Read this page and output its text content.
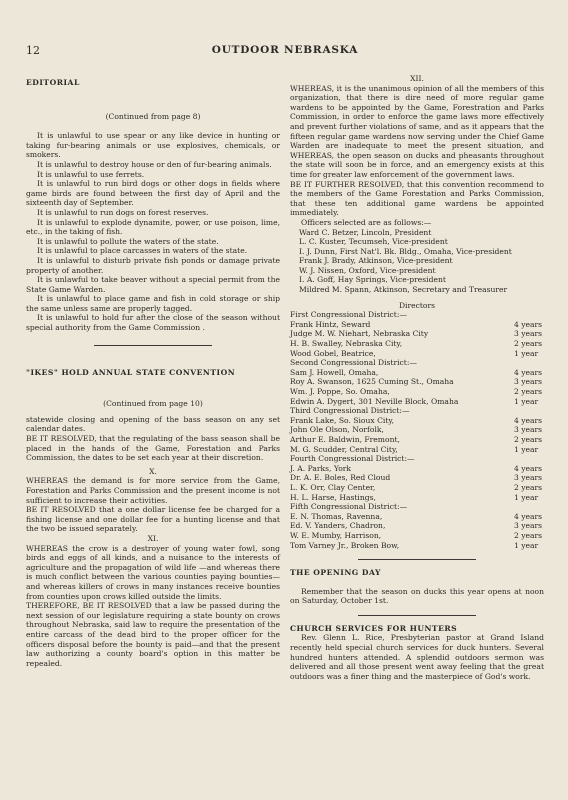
12	OUTDOOR NEBRASKA

EDITORIAL

(Continued from page 8)

It is unlawful to use spear or any like device in hunting or taking fur-bearing animals or use explosives, chemicals, or smokers.

It is unlawful to destroy house or den of fur-bearing animals.

It is unlawful to use ferrets.

It is unlawful to run bird dogs or other dogs in fields where game birds are found between the first day of April and the sixteenth day of September.

It is unlawful to run dogs on forest reserves.

It is unlawful to explode dynamite, power, or use poison, lime, etc., in the taking of fish.

It is unlawful to pollute the waters of the state.

It is unlawful to place carcasses in waters of the state.

It is unlawful to disturb private fish ponds or damage private property of another.

It is unlawful to take beaver without a special permit from the State Game Warden.

It is unlawful to place game and fish in cold storage or ship the same unless same are properly tagged.

It is unlawful to hold fur after the close of the season without special authority from the Game Commission .

"IKES" HOLD ANNUAL STATE CONVENTION

(Continued from page 10)

statewide closing and opening of the bass season on any set calendar dates.

BE IT RESOLVED, that the regulating of the bass season shall be placed in the hands of the Game, Forestation and Parks Commission, the dates to be set each year at their discretion.

X.

WHEREAS the demand is for more service from the Game, Forestation and Parks Commission and the present income is not sufficient to increase their activities.

BE IT RESOLVED that a one dollar license fee be charged for a fishing license and one dollar fee for a hunting license and that the two be issued separately.

XI.

WHEREAS the crow is a destroyer of young water fowl, song birds and eggs of all kinds, and a nuisance to the interests of agriculture and the propagation of wild life —and whereas there is much conflict between the various counties paying bounties—and whereas killers of crows in many instances receive bounties from counties upon crows killed outside the limits.

THEREFORE, BE IT RESOLVED that a law be passed during the next session of our legislature requiring a state bounty on crows throughout Nebraska, said law to require the presentation of the entire carcass of the dead bird to the proper officer for the officers disposal before the bounty is paid—and that the present law authorizing a county board's option in this matter be repealed.

XII.

WHEREAS, it is the unanimous opinion of all the members of this organization, that there is dire need of more regular game wardens to be appointed by the Game, Forestration and Parks Commission, in order to enforce the game laws more effectively and prevent further violations of same, and as it appears that the fifteen regular game wardens now serving under the Chief Game Warden are inadequate to meet the present situation, and WHEREAS, the open season on ducks and pheasants throughout the state will soon be in force, and an emergency exists at this time for greater law enforcement of the government laws.

BE IT FURTHER RESOLVED, that this convention recommend to the members of the Game Forestation and Parks Commission, that these ten additional game wardens be appointed immediately.

Officers selected are as follows:—

Ward C. Betzer, Lincoln, President

L. C. Kuster, Tecumseh, Vice-president

I. J. Dunn, First Nat'l. Bk. Bldg., Omaha, Vice-president

Frank J. Brady, Atkinson, Vice-president

W. J. Nissen, Oxford, Vice-president

I. A. Goff, Hay Springs, Vice-president

Mildred M. Spann, Atkinson, Secretary and Treasurer

Directors

First Congressional District:—

Frank Hintz, Seward	4 years
Judge M. W. Niehart, Nebraska City	3 years
H. B. Swalley, Nebraska City,	2 years
Wood Gobel, Beatrice,	1 year

Second Congressional District:—

Sam J. Howell, Omaha,	4 years
Roy A. Swanson, 1625 Cuming St., Omaha	3 years
Wm. J. Poppe, So. Omaha,	2 years
Edwin A. Dygert, 301 Neville Block, Omaha	1 year

Third Congressional District:—

Frank Lake, So. Sioux City,	4 years
John Ole Olson, Norfolk,	3 years
Arthur E. Baldwin, Fremont,	2 years
M. G. Scudder, Central City,	1 year

Fourth Congressional District:—

J. A. Parks, York	4 years
Dr. A. E. Boles, Red Cloud	3 years
L. K. Orr, Clay Center,	2 years
H. L. Harse, Hastings,	1 year

Fifth Congressional District:—

E. N. Thomas, Ravenna,	4 years
Ed. V. Yanders, Chadron,	3 years
W. E. Mumby, Harrison,	2 years
Tom Varney Jr., Broken Bow,	1 year

THE OPENING DAY

Remember that the season on ducks this year opens at noon on Saturday, October 1st.

CHURCH SERVICES FOR HUNTERS

Rev. Glenn L. Rice, Presbyterian pastor at Grand Island recently held special church services for duck hunters. Several hundred hunters attended. A splendid outdoors sermon was delivered and all those present went away feeling that the great outdoors was a finer thing and the masterpiece of God's work.
